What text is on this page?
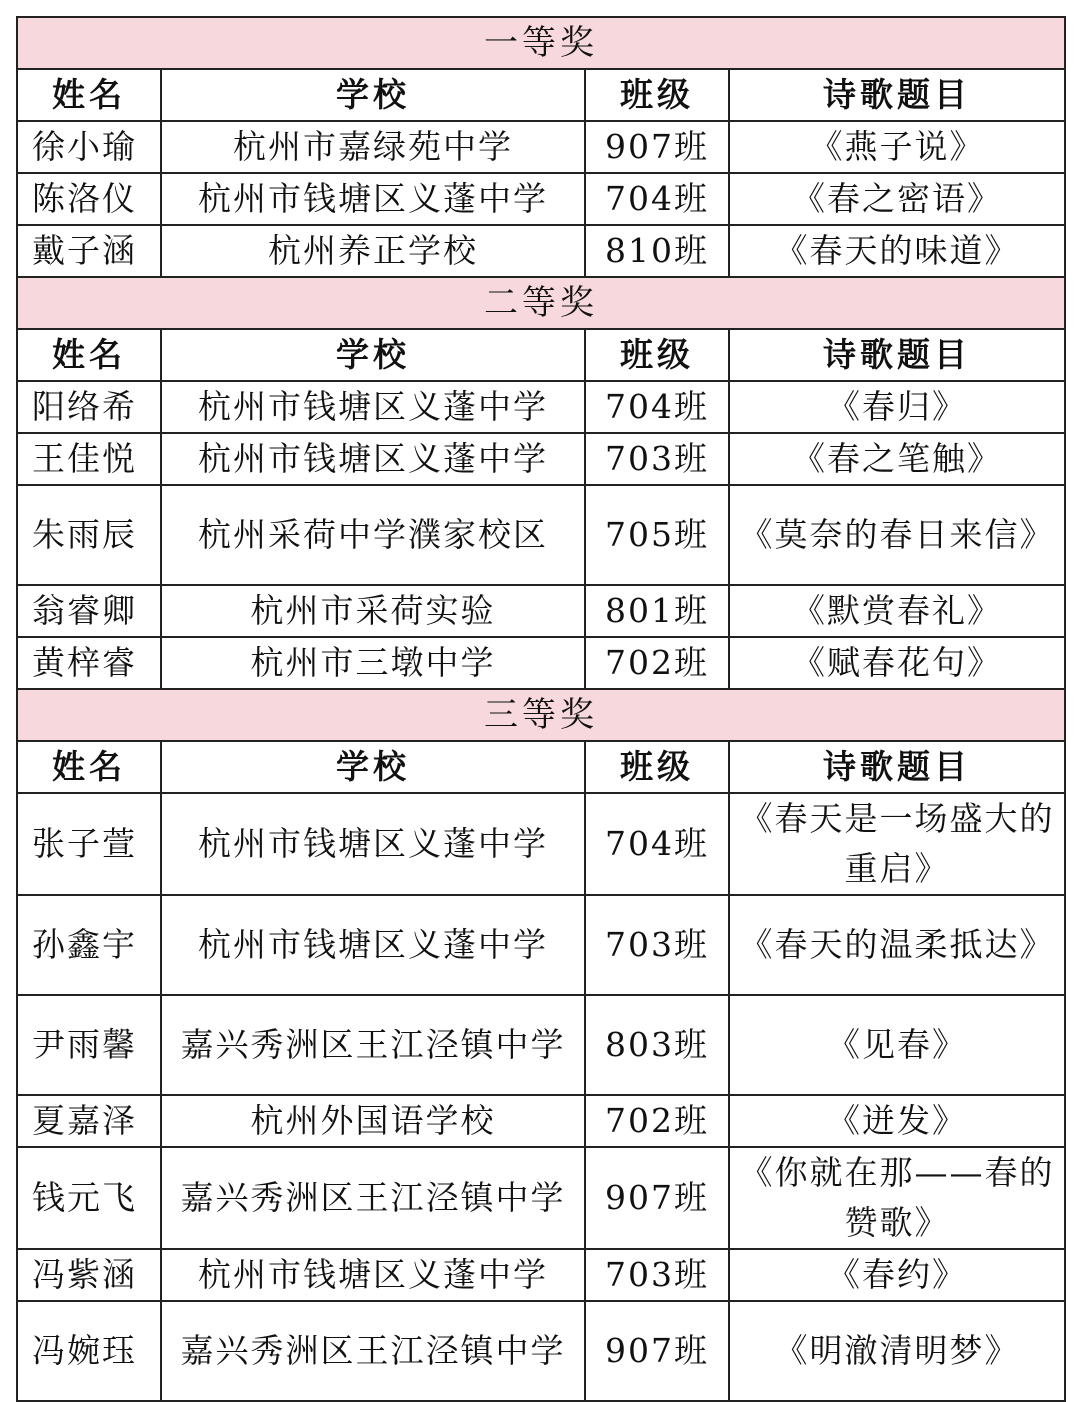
一等奖			
姓名	学校	班级	诗歌题目
徐小瑜	杭州市嘉绿苑中学	907班	《燕子说》
陈洛仪	杭州市钱塘区义蓬中学	704班	《春之密语》
戴子涵	杭州养正学校	810班	《春天的味道》
二等奖			
姓名	学校	班级	诗歌题目
阳络希	杭州市钱塘区义蓬中学	704班	《春归》
王佳悦	杭州市钱塘区义蓬中学	703班	《春之笔触》
朱雨辰	杭州采荷中学濮家校区	705班	《莫奈的春日来信》
翁睿卿	杭州市采荷实验	801班	《默赏春礼》
黄梓睿	杭州市三墩中学	702班	《赋春花句》
三等奖			
姓名	学校	班级	诗歌题目
张子萱	杭州市钱塘区义蓬中学	704班	《春天是一场盛大的重启》
孙鑫宇	杭州市钱塘区义蓬中学	703班	《春天的温柔抵达》
尹雨馨	嘉兴秀洲区王江泾镇中学	803班	《见春》
夏嘉泽	杭州外国语学校	702班	《迸发》
钱元飞	嘉兴秀洲区王江泾镇中学	907班	《你就在那——春的赞歌》
冯紫涵	杭州市钱塘区义蓬中学	703班	《春约》
冯婉珏	嘉兴秀洲区王江泾镇中学	907班	《明澈清明梦》
